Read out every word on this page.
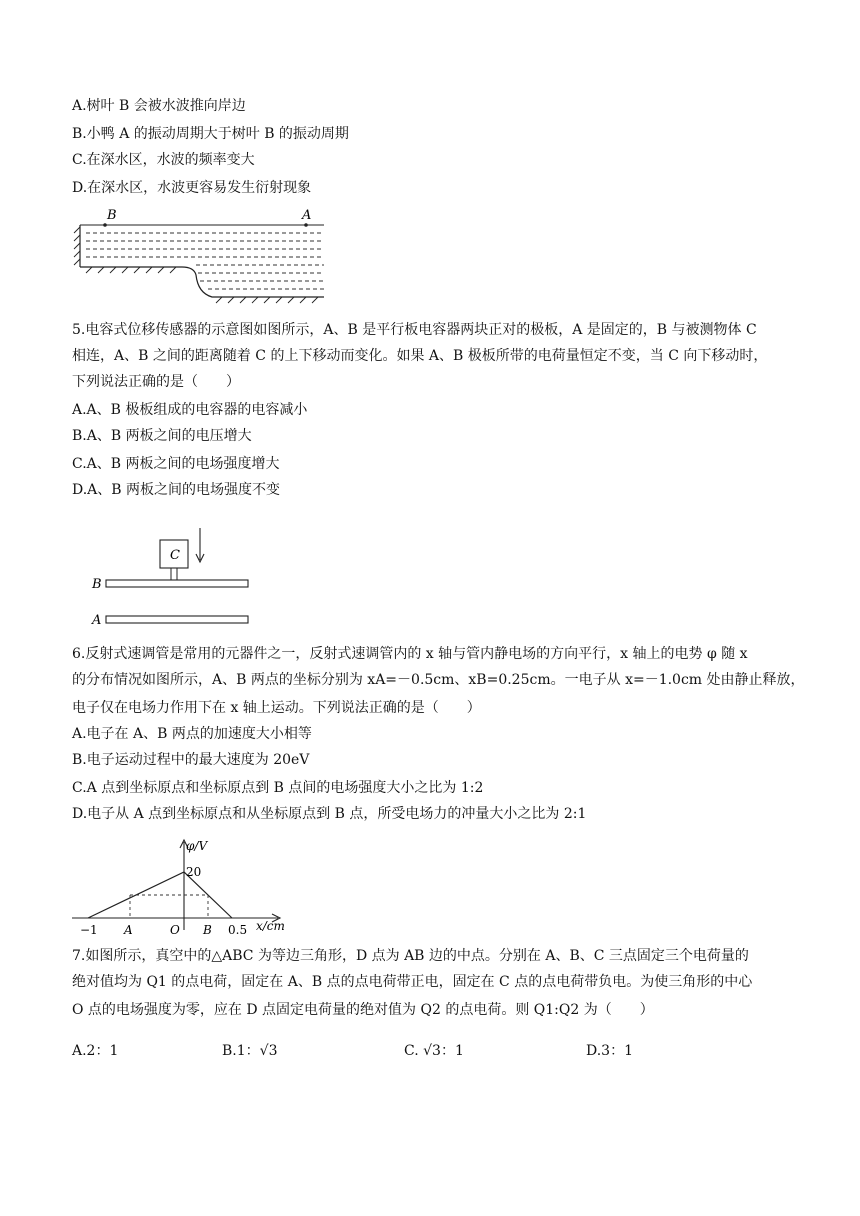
A.树叶 B 会被水波推向岸边
B.小鸭 A 的振动周期大于树叶 B 的振动周期
C.在深水区，水波的频率变大
D.在深水区，水波更容易发生衍射现象
B	A
5.电容式位移传感器的示意图如图所示，A、B 是平行板电容器两块正对的极板，A 是固定的，B 与被测物体 C
相连，A、B 之间的距离随着 C 的上下移动而变化。如果 A、B 极板所带的电荷量恒定不变，当 C 向下移动时，
下列说法正确的是（　　）
A.A、B 极板组成的电容器的电容减小
B.A、B 两板之间的电压增大
C.A、B 两板之间的电场强度增大
D.A、B 两板之间的电场强度不变
C
B
A
6.反射式速调管是常用的元器件之一，反射式速调管内的 x 轴与管内静电场的方向平行，x 轴上的电势 φ 随 x
的分布情况如图所示，A、B 两点的坐标分别为 xA=－0.5cm、xB=0.25cm。一电子从 x=－1.0cm 处由静止释放，
电子仅在电场力作用下在 x 轴上运动。下列说法正确的是（　　）
A.电子在 A、B 两点的加速度大小相等
B.电子运动过程中的最大速度为 20eV
C.A 点到坐标原点和坐标原点到 B 点间的电场强度大小之比为 1:2
D.电子从 A 点到坐标原点和从坐标原点到 B 点，所受电场力的冲量大小之比为 2:1
φ/V
20
x/cm
−1 A	O B 0.5
7.如图所示，真空中的△ABC 为等边三角形，D 点为 AB 边的中点。分别在 A、B、C 三点固定三个电荷量的
绝对值均为 Q1 的点电荷，固定在 A、B 点的点电荷带正电，固定在 C 点的点电荷带负电。为使三角形的中心
O 点的电场强度为零，应在 D 点固定电荷量的绝对值为 Q2 的点电荷。则 Q1:Q2 为（　　）
A.2：1	B.1：√3	C. √3：1	D.3：1
